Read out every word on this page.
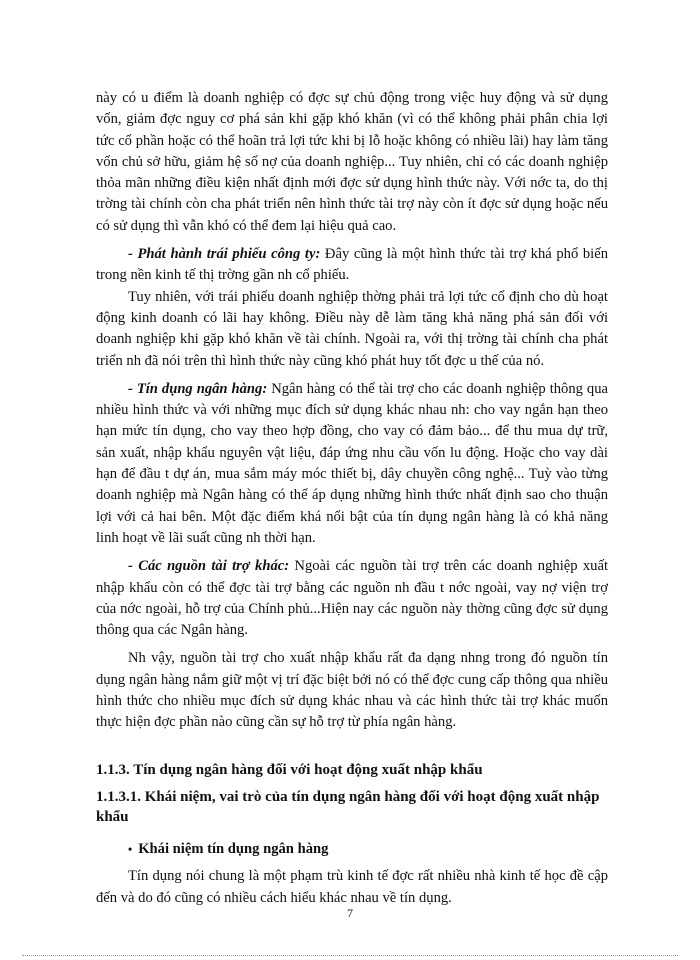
này có u điểm là doanh nghiệp có đợc sự chủ động trong việc huy động và sử dụng vốn, giảm đợc nguy cơ phá sản khi gặp khó khăn (vì có thể không phải phân chia lợi tức cổ phần hoặc có thể hoãn trả lợi tức khi bị lỗ hoặc không có nhiều lãi) hay làm tăng vốn chủ sở hữu, giảm hệ số nợ của doanh nghiệp... Tuy nhiên, chỉ có các doanh nghiệp thỏa mãn những điều kiện nhất định mới đợc sử dụng hình thức này. Với nớc ta, do thị trờng tài chính còn cha phát triển nên hình thức tài trợ này còn ít đợc sử dụng hoặc nếu có sử dụng thì vẫn khó có thể đem lại hiệu quả cao.

- Phát hành trái phiếu công ty: Đây cũng là một hình thức tài trợ khá phổ biến trong nền kinh tế thị trờng gần nh cổ phiếu.

Tuy nhiên, với trái phiếu doanh nghiệp thờng phải trả lợi tức cố định cho dù hoạt động kinh doanh có lãi hay không. Điều này dễ làm tăng khả năng phá sản đối với doanh nghiệp khi gặp khó khăn về tài chính. Ngoài ra, với thị trờng tài chính cha phát triển nh đã nói trên thì hình thức này cũng khó phát huy tốt đợc u thế của nó.

- Tín dụng ngân hàng: Ngân hàng có thể tài trợ cho các doanh nghiệp thông qua nhiều hình thức và với những mục đích sử dụng khác nhau nh: cho vay ngắn hạn theo hạn mức tín dụng, cho vay theo hợp đồng, cho vay có đảm bảo... để thu mua dự trữ, sản xuất, nhập khẩu nguyên vật liệu, đáp ứng nhu cầu vốn lu động. Hoặc cho vay dài hạn để đầu t dự án, mua sắm máy móc thiết bị, dây chuyền công nghệ... Tuỳ vào từng doanh nghiệp mà Ngân hàng có thể áp dụng những hình thức nhất định sao cho thuận lợi với cả hai bên. Một đặc điểm khá nổi bật của tín dụng ngân hàng là có khả năng linh hoạt về lãi suất cũng nh thời hạn.

- Các nguồn tài trợ khác: Ngoài các nguồn tài trợ trên các doanh nghiệp xuất nhập khẩu còn có thể đợc tài trợ bằng các nguồn nh đầu t nớc ngoài, vay nợ viện trợ của nớc ngoài, hỗ trợ của Chính phủ...Hiện nay các nguồn này thờng cũng đợc sử dụng thông qua các Ngân hàng.

Nh vậy, nguồn tài trợ cho xuất nhập khẩu rất đa dạng nhng trong đó nguồn tín dụng ngân hàng nắm giữ một vị trí đặc biệt bởi nó có thể đợc cung cấp thông qua nhiều hình thức cho nhiều mục đích sử dụng khác nhau và các hình thức tài trợ khác muốn thực hiện đợc phần nào cũng cần sự hỗ trợ từ phía ngân hàng.

1.1.3. Tín dụng ngân hàng đối với hoạt động xuất nhập khẩu

1.1.3.1. Khái niệm, vai trò của tín dụng ngân hàng đối với hoạt động xuất nhập khẩu

• Khái niệm tín dụng ngân hàng

Tín dụng nói chung là một phạm trù kinh tế đợc rất nhiều nhà kinh tế học đề cập đến và do đó cũng có nhiều cách hiểu khác nhau về tín dụng.

7
